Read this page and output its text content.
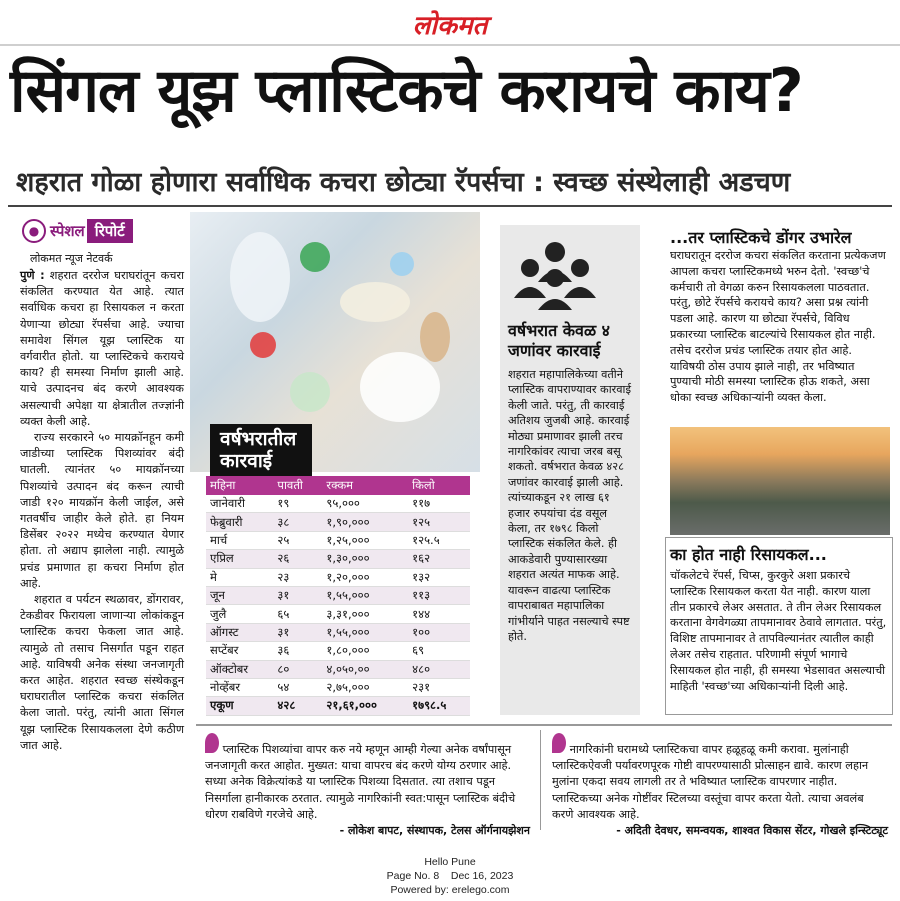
लोकमत
सिंगल यूझ प्लास्टिकचे करायचे काय?
शहरात गोळा होणारा सर्वाधिक कचरा छोट्या रॅपर्सचा : स्वच्छ संस्थेलाही अडचण
● स्पेशल रिपोर्ट
लोकमत न्यूज नेटवर्क

पुणे : शहरात दररोज घराघरांतून कचरा संकलित करण्यात येत आहे. त्यात सर्वाधिक कचरा हा रिसायकल न करता येणाऱ्या छोट्या रॅपर्सचा आहे. ज्याचा समावेश सिंगल यूझ प्लास्टिक या वर्गवारीत होतो. या प्लास्टिकचे करायचे काय? ही समस्या निर्माण झाली आहे. याचे उत्पादनच बंद करणे आवश्यक असल्याची अपेक्षा या क्षेत्रातील तज्ज्ञांनी व्यक्त केली आहे.

राज्य सरकारने ५० मायक्रॉनहून कमी जाडीच्या प्लास्टिक पिशव्यांवर बंदी घातली. त्यानंतर ५० मायक्रॉनच्या पिशव्यांचे उत्पादन बंद करून त्याची जाडी १२० मायक्रॉन केली जाईल, असे गतवर्षीच जाहीर केले होते. हा नियम डिसेंबर २०२२ मध्येच करण्यात येणार होता. तो अद्याप झालेला नाही. त्यामुळे प्रचंड प्रमाणात हा कचरा निर्माण होत आहे.

शहरात व पर्यटन स्थळावर, डोंगरावर, टेकडीवर फिरायला जाणाऱ्या लोकांकडून प्लास्टिक कचरा फेकला जात आहे. त्यामुळे तो तसाच निसर्गात पडून राहत आहे. याविषयी अनेक संस्था जनजागृती करत आहेत. शहरात स्वच्छ संस्थेकडून घराघरातील प्लास्टिक कचरा संकलित केला जातो. परंतु, त्यांनी आता सिंगल यूझ प्लास्टिक रिसायकलला देणे कठीण जात आहे.

वर्षभरातील कारवाई
महिना	पावती	रक्कम	किलो
जानेवारी	१९	९५,०००	११७
फेब्रुवारी	३८	१,९०,०००	१२५
मार्च	२५	१,२५,०००	१२५.५
एप्रिल	२६	१,३०,०००	१६२
मे	२३	१,२०,०००	१३२
जून	३१	१,५५,०००	११३
जुलै	६५	३,३१,०००	१४४
ऑगस्ट	३१	१,५५,०००	१००
सप्टेंबर	३६	१,८०,०००	६९
ऑक्टोबर	८०	४,०५०,००	४८०
नोव्हेंबर	५४	२,७५,०००	२३१
एकूण	४२८	२१,६१,०००	१७९८.५
वर्षभरात केवळ ४ जणांवर कारवाई
शहरात महापालिकेच्या वतीने प्लास्टिक वापराण्यावर कारवाई केली जाते. परंतु, ती कारवाई अतिशय जुजबी आहे. कारवाई मोठ्या प्रमाणावर झाली तरच नागरिकांवर त्याचा जरब बसू शकतो. वर्षभरात केवळ ४२८ जणांवर कारवाई झाली आहे. त्यांच्याकडून २१ लाख ६१ हजार रुपयांचा दंड वसूल केला, तर १७९८ किलो प्लास्टिक संकलित केले. ही आकडेवारी पुण्यासारख्या शहरात अत्यंत माफक आहे. यावरून वाढत्या प्लास्टिक वापराबाबत महापालिका गांभीर्याने पाहत नसल्याचे स्पष्ट होते.
...तर प्लास्टिकचे डोंगर उभारेल
घराघरातून दररोज कचरा संकलित करताना प्रत्येकजण आपला कचरा प्लास्टिकमध्ये भरुन देतो. 'स्वच्छ'चे कर्मचारी तो वेगळा करुन रिसायकलला पाठवतात. परंतु, छोटे रॅपर्सचे करायचे काय? असा प्रश्न त्यांनी पडला आहे. कारण या छोट्या रॅपर्सचे, विविध प्रकारच्या प्लास्टिक बाटल्यांचे रिसायकल होत नाही. तसेच दररोज प्रचंड प्लास्टिक तयार होत आहे. याविषयी ठोस उपाय झाले नाही, तर भविष्यात पुण्याची मोठी समस्या प्लास्टिक होऊ शकते, असा धोका स्वच्छ अधिकाऱ्यांनी व्यक्त केला.
का होत नाही रिसायकल...
चॉकलेटचे रॅपर्स, चिप्स, कुरकुरे अशा प्रकारचे प्लास्टिक रिसायकल करता येत नाही. कारण याला तीन प्रकारचे लेअर असतात. ते तीन लेअर रिसायकल करताना वेगवेगळ्या तापमानावर ठेवावे लागतात. परंतु, विशिष्ट तापमानावर ते तापविल्यानंतर त्यातील काही लेअर तसेच राहतात. परिणामी संपूर्ण भागाचे रिसायकल होत नाही, ही समस्या भेडसावत असल्याची माहिती 'स्वच्छ'च्या अधिकाऱ्यांनी दिली आहे.
प्लास्टिक पिशव्यांचा वापर करु नये म्हणून आम्ही गेल्या अनेक वर्षांपासून जनजागृती करत आहोत. मुख्यत: याचा वापरच बंद करणे योग्य ठरणार आहे. सध्या अनेक विक्रेत्यांकडे या प्लास्टिक पिशव्या दिसतात. त्या तशाच पडून निसर्गाला हानीकारक ठरतात. त्यामुळे नागरिकांनी स्वत:पासून प्लास्टिक बंदीचे धोरण राबविणे गरजेचे आहे.
- लोकेश बापट, संस्थापक, टेलस ऑर्गनायझेशन
नागरिकांनी घरामध्ये प्लास्टिकचा वापर हळूहळू कमी करावा. मुलांनाही प्लास्टिकऐवजी पर्यावरणपूरक गोष्टी वापरण्यासाठी प्रोत्साहन द्यावे. कारण लहान मुलांना एकदा सवय लागली तर ते भविष्यात प्लास्टिक वापरणार नाहीत. प्लास्टिकच्या अनेक गोष्टींवर स्टिलच्या वस्तूंचा वापर करता येतो. त्याचा अवलंब करणे आवश्यक आहे.
- अदिती देवधर, समन्वयक, शाश्वत विकास सेंटर, गोखले इन्स्टिट्यूट
Hello Pune
Page No. 8    Dec 16, 2023
Powered by: erelego.com
